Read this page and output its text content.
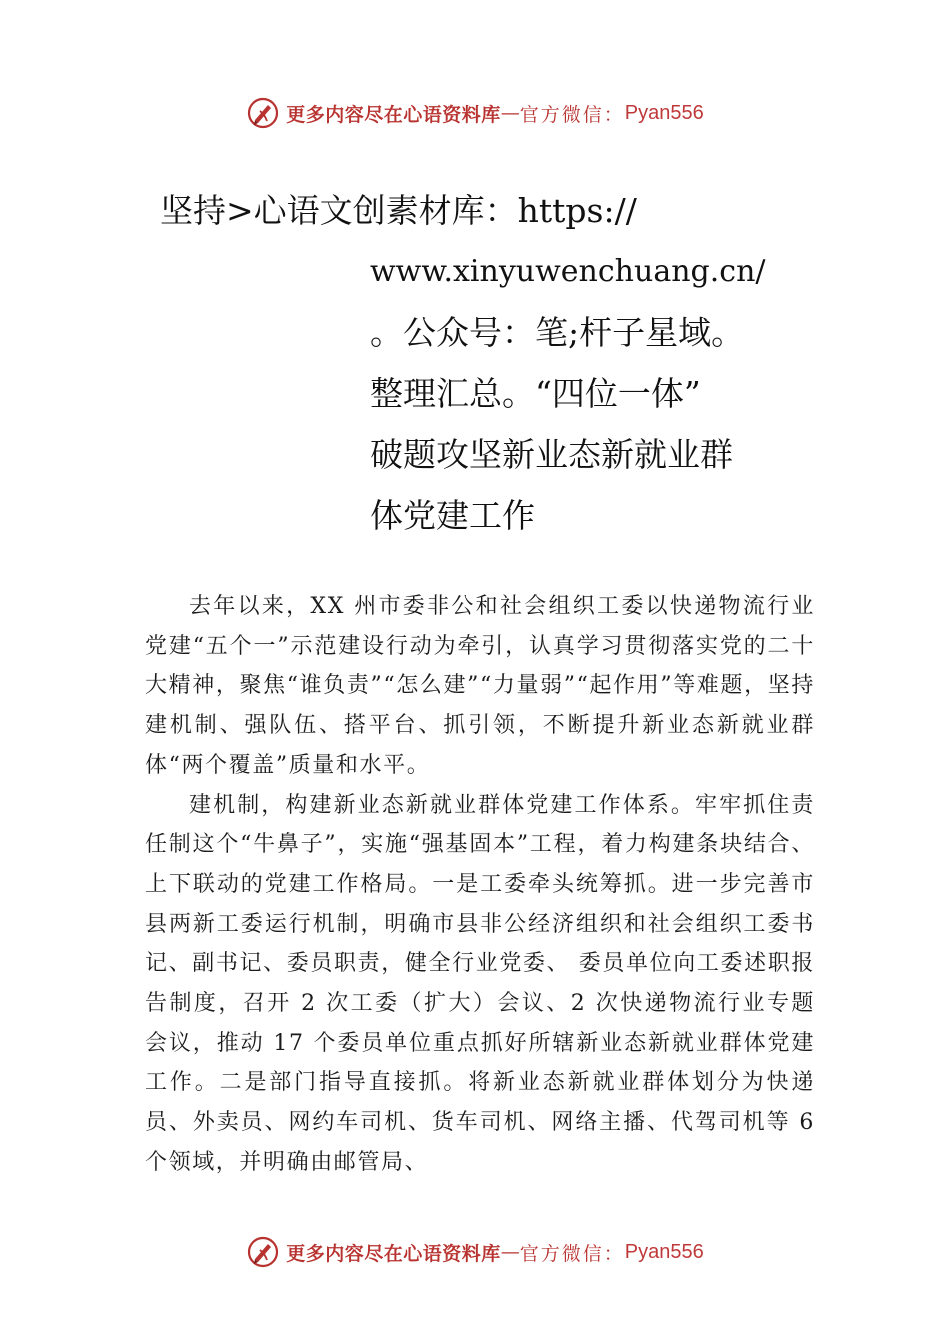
更多内容尽在心语资料库 — 官方微信： Pyan556
坚持>心语文创素材库：https://
www.xinyuwenchuang.cn/
。公众号：笔;杆子星域。
整理汇总。“四位一体”
破题攻坚新业态新就业群
体党建工作

去年以来，XX 州市委非公和社会组织工委以快递物流行业党建“五个一”示范建设行动为牵引，认真学习贯彻落实党的二十大精神，聚焦“谁负责”“怎么建”“力量弱”“起作用”等难题，坚持建机制、强队伍、搭平台、抓引领，不断提升新业态新就业群体“两个覆盖”质量和水平。

建机制，构建新业态新就业群体党建工作体系。牢牢抓住责任制这个“牛鼻子”，实施“强基固本”工程，着力构建条块结合、上下联动的党建工作格局。一是工委牵头统筹抓。进一步完善市县两新工委运行机制，明确市县非公经济组织和社会组织工委书记、副书记、委员职责，健全行业党委、 委员单位向工委述职报告制度，召开 2 次工委（扩大）会议、2 次快递物流行业专题会议，推动 17 个委员单位重点抓好所辖新业态新就业群体党建工作。二是部门指导直接抓。将新业态新就业群体划分为快递员、外卖员、网约车司机、货车司机、网络主播、代驾司机等 6 个领域，并明确由邮管局、

更多内容尽在心语资料库 — 官方微信： Pyan556
